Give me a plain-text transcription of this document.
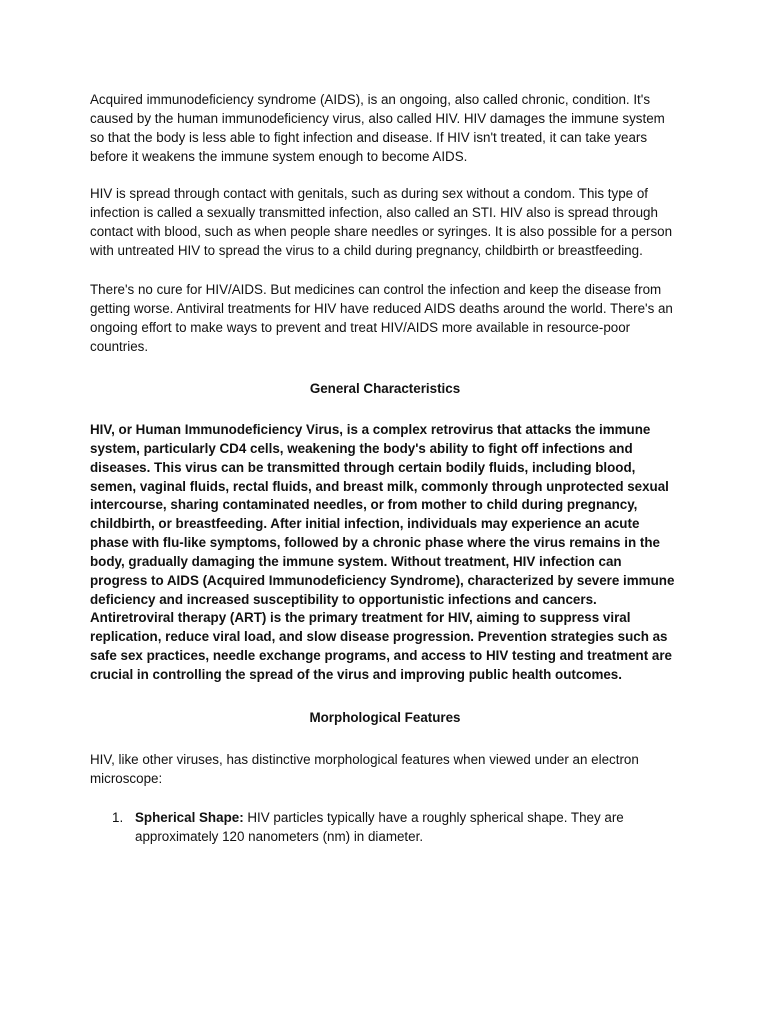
Acquired immunodeficiency syndrome (AIDS), is an ongoing, also called chronic, condition. It's caused by the human immunodeficiency virus, also called HIV. HIV damages the immune system so that the body is less able to fight infection and disease. If HIV isn't treated, it can take years before it weakens the immune system enough to become AIDS.

HIV is spread through contact with genitals, such as during sex without a condom. This type of infection is called a sexually transmitted infection, also called an STI. HIV also is spread through contact with blood, such as when people share needles or syringes. It is also possible for a person with untreated HIV to spread the virus to a child during pregnancy, childbirth or breastfeeding.

There's no cure for HIV/AIDS. But medicines can control the infection and keep the disease from getting worse. Antiviral treatments for HIV have reduced AIDS deaths around the world. There's an ongoing effort to make ways to prevent and treat HIV/AIDS more available in resource-poor countries.

General Characteristics

HIV, or Human Immunodeficiency Virus, is a complex retrovirus that attacks the immune system, particularly CD4 cells, weakening the body's ability to fight off infections and diseases. This virus can be transmitted through certain bodily fluids, including blood, semen, vaginal fluids, rectal fluids, and breast milk, commonly through unprotected sexual intercourse, sharing contaminated needles, or from mother to child during pregnancy, childbirth, or breastfeeding. After initial infection, individuals may experience an acute phase with flu-like symptoms, followed by a chronic phase where the virus remains in the body, gradually damaging the immune system. Without treatment, HIV infection can progress to AIDS (Acquired Immunodeficiency Syndrome), characterized by severe immune deficiency and increased susceptibility to opportunistic infections and cancers. Antiretroviral therapy (ART) is the primary treatment for HIV, aiming to suppress viral replication, reduce viral load, and slow disease progression. Prevention strategies such as safe sex practices, needle exchange programs, and access to HIV testing and treatment are crucial in controlling the spread of the virus and improving public health outcomes.

Morphological Features

HIV, like other viruses, has distinctive morphological features when viewed under an electron microscope:

1. Spherical Shape: HIV particles typically have a roughly spherical shape. They are approximately 120 nanometers (nm) in diameter.
